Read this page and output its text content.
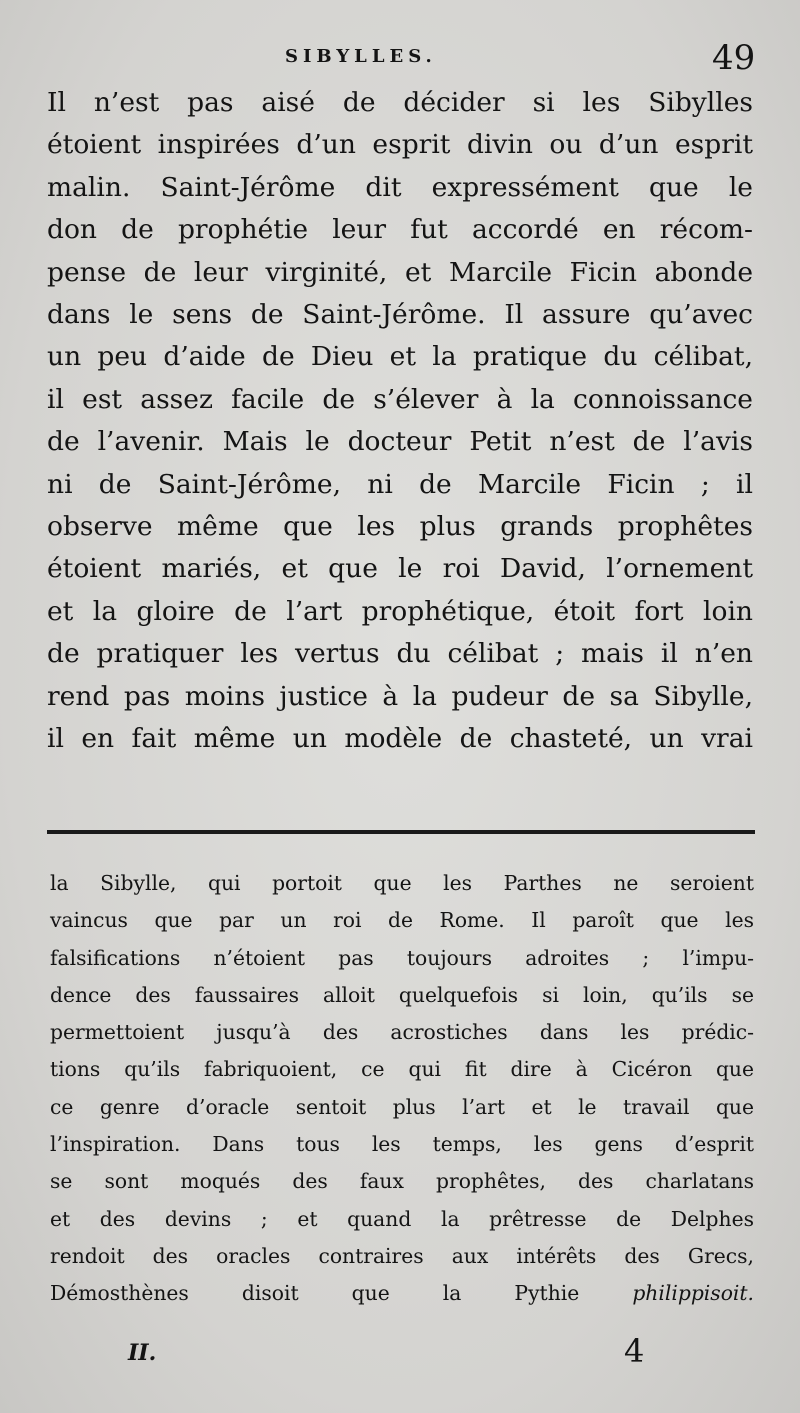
SIBYLLES.	49
Il n’est pas aisé de décider si les Sibylles
étoient inspirées d’un esprit divin ou d’un esprit
malin. Saint-Jérôme dit expressément que le
don de prophétie leur fut accordé en récom-
pense de leur virginité, et Marcile Ficin abonde
dans le sens de Saint-Jérôme. Il assure qu’avec
un peu d’aide de Dieu et la pratique du célibat,
il est assez facile de s’élever à la connoissance
de l’avenir. Mais le docteur Petit n’est de l’avis
ni de Saint-Jérôme, ni de Marcile Ficin ; il
observe même que les plus grands prophêtes
étoient mariés, et que le roi David, l’ornement
et la gloire de l’art prophétique, étoit fort loin
de pratiquer les vertus du célibat ; mais il n’en
rend pas moins justice à la pudeur de sa Sibylle,
il en fait même un modèle de chasteté, un vrai
la Sibylle, qui portoit que les Parthes ne seroient
vaincus que par un roi de Rome. Il paroît que les
falsifications n’étoient pas toujours adroites ; l’impu-
dence des faussaires alloit quelquefois si loin, qu’ils se
permettoient jusqu’à des acrostiches dans les prédic-
tions qu’ils fabriquoient, ce qui fit dire à Cicéron que
ce genre d’oracle sentoit plus l’art et le travail que
l’inspiration. Dans tous les temps, les gens d’esprit
se sont moqués des faux prophêtes, des charlatans
et des devins ; et quand la prêtresse de Delphes
rendoit des oracles contraires aux intérêts des Grecs,
Démosthènes disoit que la Pythie philippisoit.
II.	4
